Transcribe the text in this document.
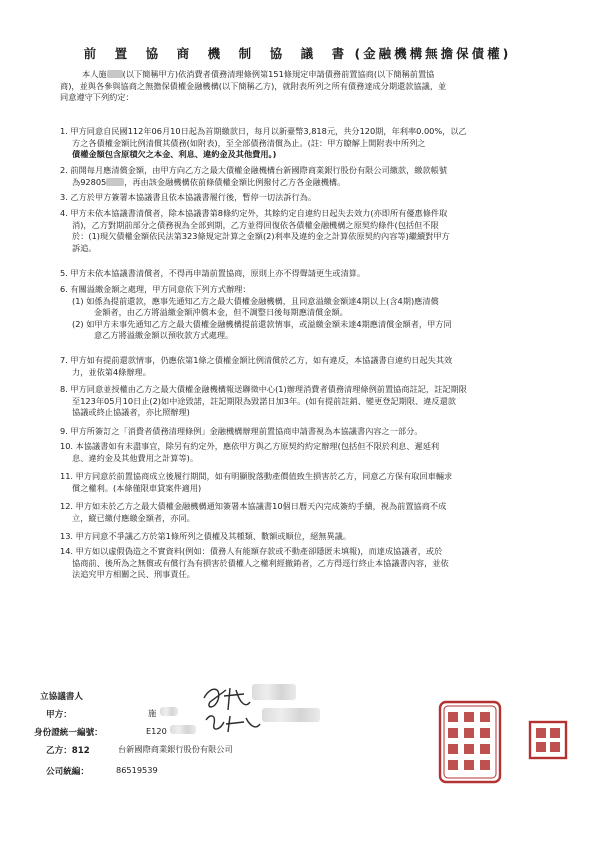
前　置　協　商　機　制　協　議　書 (金融機構無擔保債權)
本人施 (以下簡稱甲方)依消費者債務清理條例第151條規定申請債務前置協商(以下簡稱前置協
商)，並與各參與協商之無擔保債權金融機構(以下簡稱乙方)，就附表所列之所有債務達成分期還款協議，並
同意遵守下列約定：
1. 甲方同意自民國112年06月10日起為首期繳款日，每月以新臺幣3,818元，共分120期，年利率0.00%，以乙
方之各債權金額比例清償其債務(如附表)，至全部債務清償為止。(註：甲方瞭解上開附表中所列之
債權金額包含原積欠之本金、利息、違約金及其他費用。)
2. 前開每月應清償金額，由甲方向乙方之最大債權金融機構台新國際商業銀行股份有限公司繳款，繳款帳號
為92805 ，再由該金融機構依前條債權金額比例撥付乙方各金融機構。
3. 乙方於甲方簽署本協議書且依本協議書履行後，暫停一切法訴行為。
4. 甲方未依本協議書清償者，除本協議書第8條約定外，其餘約定自違約日起失去效力(亦即所有優惠條件取
消)，乙方對期前部分之債務視為全部到期，乙方並得回復依各債權金融機構之原契約條件(包括但不限
於：(1)現欠債權金額依民法第323條規定計算之金額(2)利率及違約金之計算依原契約內容等)繼續對甲方
訴追。
5. 甲方未依本協議書清償者，不得再申請前置協商，原則上亦不得聲請更生或清算。
6. 有關溢繳金額之處理，甲方同意依下列方式辦理：
(1) 如係為提前還款，應事先通知乙方之最大債權金融機構，且同意溢繳金額達4期以上(含4期)應清償
金額者，由乙方將溢繳金額沖償本金，但不調整日後每期應清償金額。
(2) 如甲方未事先通知乙方之最大債權金融機構提前還款情事，或溢繳金額未達4期應清償金額者，甲方同
意乙方將溢繳金額以預收款方式處理。
7. 甲方如有提前還款情事，仍應依第1條之債權金額比例清償於乙方，如有違反，本協議書自違約日起失其效
力，並依第4條辦理。
8. 甲方同意並授權由乙方之最大債權金融機構報送聯徵中心(1)辦理消費者債務清理條例前置協商註記，註記期限
至123年05月10日止(2)如中途毀諾，註記期限為毀諾日加3年。(如有提前註銷、變更登記期限、違反還款
協議或終止協議者，亦比照辦理)
9. 甲方所簽訂之「消費者債務清理條例」金融機構辦理前置協商申請書視為本協議書內容之一部分。
10. 本協議書如有未盡事宜，除另有約定外，應依甲方與乙方原契約約定辦理(包括但不限於利息、遲延利
息、違約金及其他費用之計算等)。
11. 甲方同意於前置協商成立後履行期間，如有明顯脫落動產價值致生損害於乙方，同意乙方保有取回車輛求
償之權利。(本條僅限車貸案件適用)
12. 甲方如未於乙方之最大債權金融機構通知簽署本協議書10個日曆天內完成簽約手續，視為前置協商不成
立，縱已繳付應繳金額者，亦同。
13. 甲方同意不爭議乙方於第1條所列之債權及其種類、數額或順位，絕無異議。
14. 甲方如以虛假偽造之不實資料(例如：債務人有能額存款或不動產卻隱匿未填報)，而達成協議者，或於
協商前、後所為之無償或有償行為有損害於債權人之權利經撤銷者，乙方得逕行終止本協議書內容，並依
法追究甲方相關之民、刑事責任。
立協議書人
甲方：	施
身份證統一編號：	E120
乙方：812	台新國際商業銀行股份有限公司
公司統編：	86519539
